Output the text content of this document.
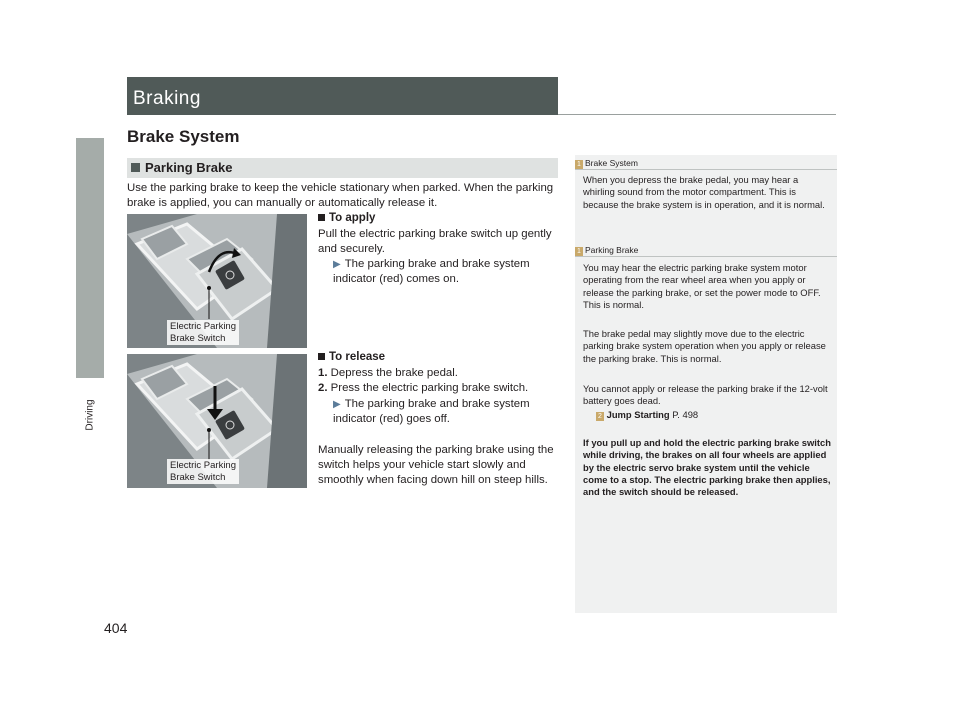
Driving
Braking
Brake System
Parking Brake
Use the parking brake to keep the vehicle stationary when parked. When the parking brake is applied, you can manually or automatically release it.
Electric Parking
Brake Switch
Electric Parking
Brake Switch
To apply
Pull the electric parking brake switch up gently and securely.
▶ The parking brake and brake system indicator (red) comes on.
To release
1. Depress the brake pedal.
2. Press the electric parking brake switch.
▶ The parking brake and brake system indicator (red) goes off.
Manually releasing the parking brake using the switch helps your vehicle start slowly and smoothly when facing down hill on steep hills.
1 Brake System
When you depress the brake pedal, you may hear a whirling sound from the motor compartment. This is because the brake system is in operation, and it is normal.
1 Parking Brake
You may hear the electric parking brake system motor operating from the rear wheel area when you apply or release the parking brake, or set the power mode to OFF. This is normal.
The brake pedal may slightly move due to the electric parking brake system operation when you apply or release the parking brake. This is normal.
You cannot apply or release the parking brake if the 12-volt battery goes dead.
2 Jump Starting P. 498
If you pull up and hold the electric parking brake switch while driving, the brakes on all four wheels are applied by the electric servo brake system until the vehicle come to a stop. The electric parking brake then applies, and the switch should be released.
404
